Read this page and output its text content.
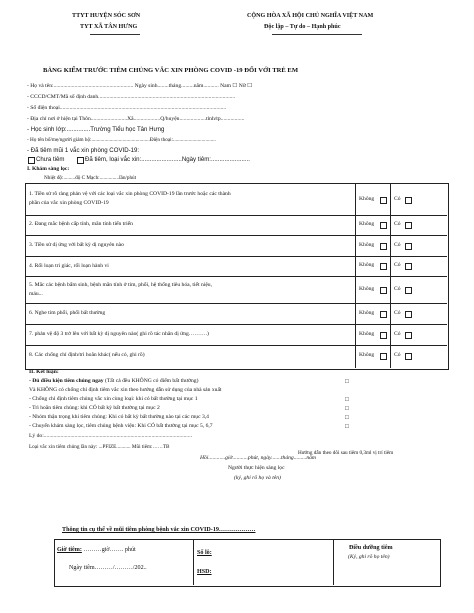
TTYT HUYỆN SÓC SƠN
TYT XÃ TÂN HƯNG
CỘNG HÒA XÃ HỘI CHỦ NGHĨA VIỆT NAM
Độc lập – Tự do – Hạnh phúc
BẢNG KIỂM TRƯỚC TIÊM CHỦNG VẮC XIN PHÒNG COVID -19 ĐỐI VỚI TRẺ EM
- Họ và tên:......................................................... Ngày sinh........tháng.........năm........... Nam ☐ Nữ ☐
- CCCD/CMT/Mã số định danh..................................................................................................
- Số điện thoại.......................................................................................................................
- Địa chỉ nơi ở hiện tại Thôn..........................Xã...................Q/huyện...................tỉnh/tp.................
- Học sinh lớp:..............Trường Tiểu học Tân Hưng
- Họ tên bố/mẹ/người giám hộ:.............................................Điện thoại:.................................
- Đã tiêm mũi 1 vắc xin phòng COVID-19:
Chưa tiêm	Đã tiêm, loại vắc xin:........................Ngày tiêm:.......................
I. Khám sàng lọc:
Nhiệt độ:.........độ C Mạch:...............lần/phút
1. Tiền sử rõ ràng phản vệ với các loại vắc xin phòng COVID-19 lần trước hoặc các thành
phần của vắc xin phòng COVID-19
Không	Có
2. Đang mắc bệnh cấp tính, mãn tính tiến triển	Không	Có
3. Tiền sử dị ứng với bất kỳ dị nguyên nào	Không	Có
4. Rối loạn tri giác, rối loạn hành vi	Không	Có
5. Mắc các bệnh bẩm sinh, bệnh mãn tính ở tim, phổi, hệ thống tiêu hóa, tiết niệu,
máu...
Không	Có
6. Nghe tim phổi, phổi bất thường	Không	Có
7. phản vệ độ 3 trở lên với bất kỳ dị nguyên nào( ghi rõ tác nhân dị ứng……….)	Không	Có
8. Các chống chỉ định/trì hoãn khác( nếu có, ghi rõ)	Không	Có
II. Kết luận:
- Đủ điều kiện tiêm chủng ngay (Tất cả đều KHÔNG có điểm bất thường)
Và KHÔNG có chống chỉ định tiêm vắc xin theo hướng dẫn sử dụng của nhà sản xuất
- Chống chỉ định tiêm chủng vắc xin cùng loại: khi có bất thường tại mục 1
- Trì hoãn tiêm chủng: khi CÓ bất kỳ bất thường tại mục 2
- Nhóm thận trọng khi tiêm chủng: Khi có bất kỳ bất thường nào tại các mục 3,4
- Chuyển khám sàng lọc, tiêm chủng bệnh viện: Khi CÓ bất thường tại mục 5, 6,7
□
□
□
□
□
Lý do:..........................................................................................................
Loại vắc xin tiêm chủng lần này: ...PFIZE........... Mũi tiêm:……TB
Hướng dẫn theo dõi sau tiêm 0,3ml vị trí tiêm
Hồi............giờ...........phút, ngày.......tháng.........năm
Người thực hiện sàng lọc
(ký, ghi rõ họ và tên)
Thông tin cụ thể về mũi tiêm phòng bệnh vắc xin COVID-19………………
Giờ tiêm: ………giờ……. phút
Ngày tiêm………/………/202..
Số lô:
HSD:
Điều dưỡng tiêm
(Ký, ghi rõ họ tên)
